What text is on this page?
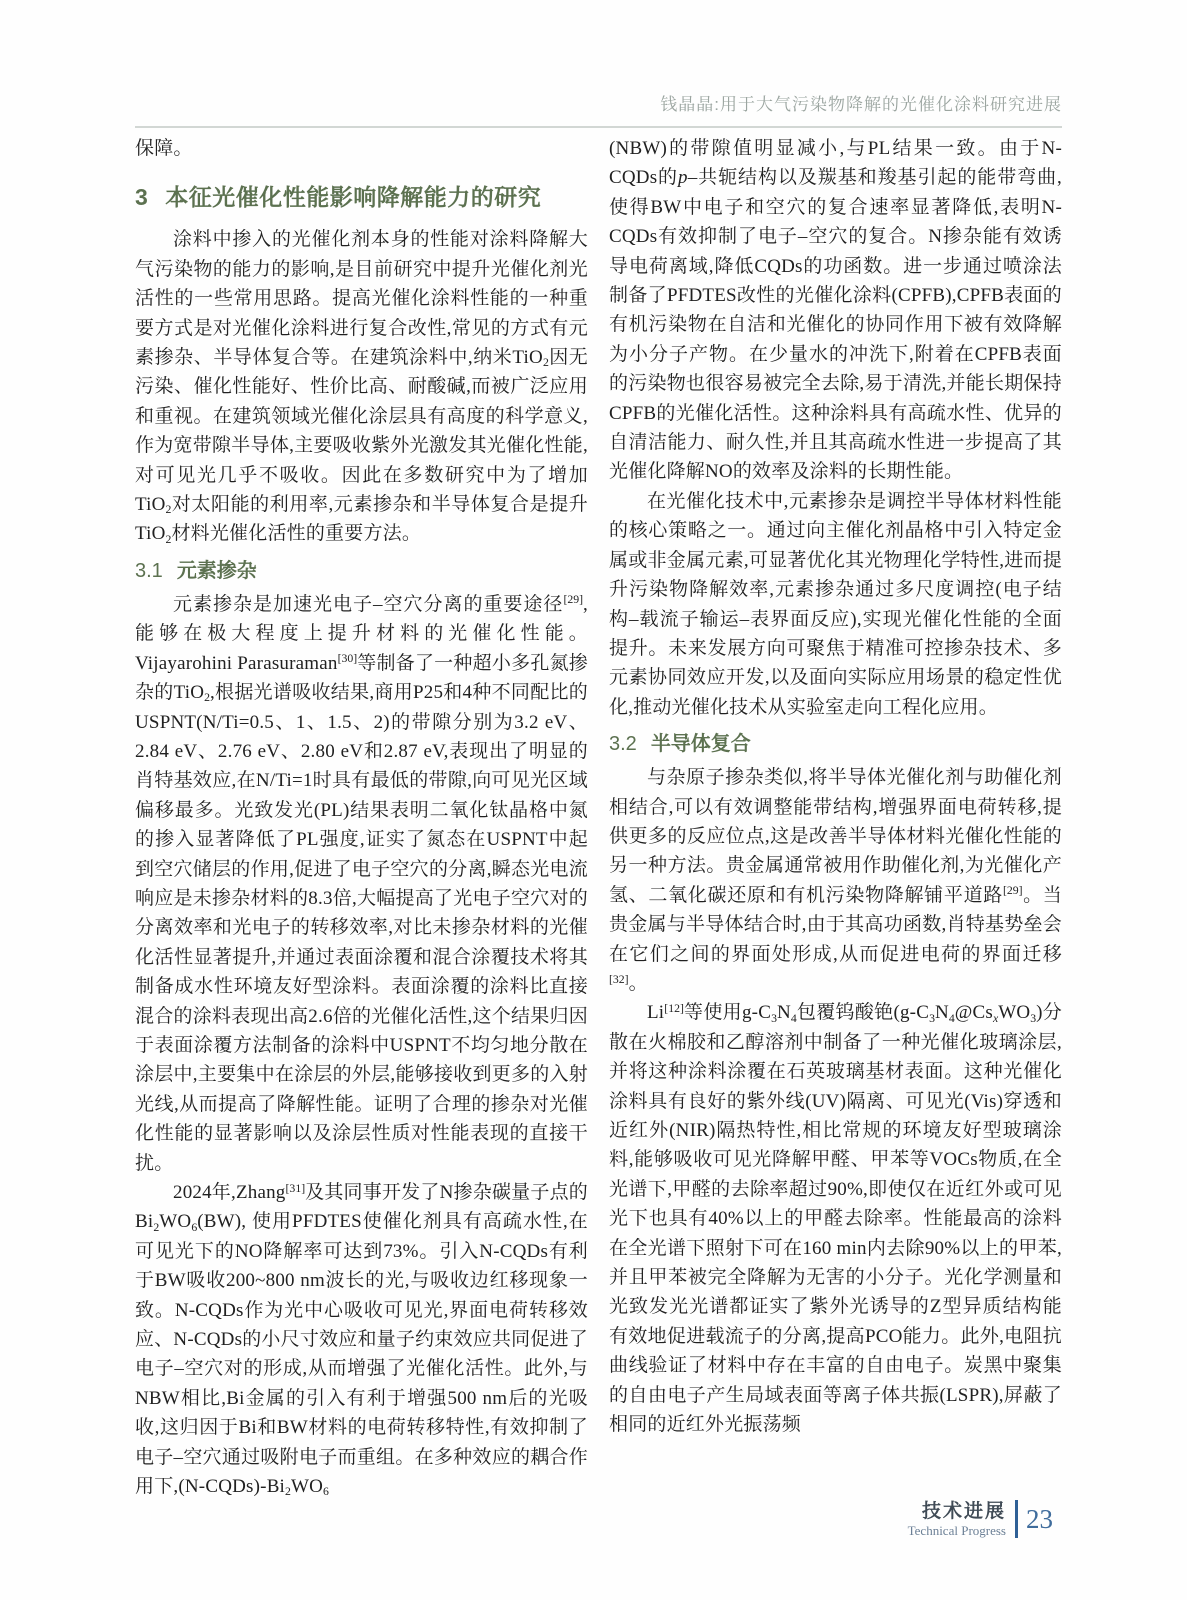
钱晶晶:用于大气污染物降解的光催化涂料研究进展

保障。

3 本征光催化性能影响降解能力的研究

涂料中掺入的光催化剂本身的性能对涂料降解大气污染物的能力的影响,是目前研究中提升光催化剂光活性的一些常用思路。提高光催化涂料性能的一种重要方式是对光催化涂料进行复合改性,常见的方式有元素掺杂、半导体复合等。在建筑涂料中,纳米TiO$_2$因无污染、催化性能好、性价比高、耐酸碱,而被广泛应用和重视。在建筑领域光催化涂层具有高度的科学意义,作为宽带隙半导体,主要吸收紫外光激发其光催化性能,对可见光几乎不吸收。因此在多数研究中为了增加TiO$_2$对太阳能的利用率,元素掺杂和半导体复合是提升TiO$_2$材料光催化活性的重要方法。

3.1 元素掺杂

元素掺杂是加速光电子–空穴分离的重要途径[29],能够在极大程度上提升材料的光催化性能。Vijayarohini Parasuraman[30]等制备了一种超小多孔氮掺杂的TiO$_2$,根据光谱吸收结果,商用P25和4种不同配比的USPNT(N/Ti=0.5、1、1.5、2)的带隙分别为3.2 eV、2.84 eV、2.76 eV、2.80 eV和2.87 eV,表现出了明显的肖特基效应,在N/Ti=1时具有最低的带隙,向可见光区域偏移最多。光致发光(PL)结果表明二氧化钛晶格中氮的掺入显著降低了PL强度,证实了氮态在USPNT中起到空穴储层的作用,促进了电子空穴的分离,瞬态光电流响应是未掺杂材料的8.3倍,大幅提高了光电子空穴对的分离效率和光电子的转移效率,对比未掺杂材料的光催化活性显著提升,并通过表面涂覆和混合涂覆技术将其制备成水性环境友好型涂料。表面涂覆的涂料比直接混合的涂料表现出高2.6倍的光催化活性,这个结果归因于表面涂覆方法制备的涂料中USPNT不均匀地分散在涂层中,主要集中在涂层的外层,能够接收到更多的入射光线,从而提高了降解性能。证明了合理的掺杂对光催化性能的显著影响以及涂层性质对性能表现的直接干扰。

2024年,Zhang[31]及其同事开发了N掺杂碳量子点的$Bi_2WO_6(BW)$, 使用PFDTES使催化剂具有高疏水性,在可见光下的NO降解率可达到73%。引入N-CQDs有利于BW吸收200~800 nm波长的光,与吸收边红移现象一致。N-CQDs作为光中心吸收可见光,界面电荷转移效应、N-CQDs的小尺寸效应和量子约束效应共同促进了电子–空穴对的形成,从而增强了光催化活性。此外,与NBW相比,Bi金属的引入有利于增强500 nm后的光吸收,这归因于Bi和BW材料的电荷转移特性,有效抑制了电子–空穴通过吸附电子而重组。在多种效应的耦合作用下$,(N-CQDs)-Bi_2WO_6$

(NBW)的带隙值明显减小,与PL结果一致。由于N-CQDs的p–共轭结构以及羰基和羧基引起的能带弯曲,使得BW中电子和空穴的复合速率显著降低,表明N-CQDs有效抑制了电子–空穴的复合。N掺杂能有效诱导电荷离域,降低CQDs的功函数。进一步通过喷涂法制备了PFDTES改性的光催化涂料(CPFB),CPFB表面的有机污染物在自洁和光催化的协同作用下被有效降解为小分子产物。在少量水的冲洗下,附着在CPFB表面的污染物也很容易被完全去除,易于清洗,并能长期保持CPFB的光催化活性。这种涂料具有高疏水性、优异的自清洁能力、耐久性,并且其高疏水性进一步提高了其光催化降解NO的效率及涂料的长期性能。

在光催化技术中,元素掺杂是调控半导体材料性能的核心策略之一。通过向主催化剂晶格中引入特定金属或非金属元素,可显著优化其光物理化学特性,进而提升污染物降解效率,元素掺杂通过多尺度调控(电子结构–载流子输运–表界面反应),实现光催化性能的全面提升。未来发展方向可聚焦于精准可控掺杂技术、多元素协同效应开发,以及面向实际应用场景的稳定性优化,推动光催化技术从实验室走向工程化应用。

3.2 半导体复合

与杂原子掺杂类似,将半导体光催化剂与助催化剂相结合,可以有效调整能带结构,增强界面电荷转移,提供更多的反应位点,这是改善半导体材料光催化性能的另一种方法。贵金属通常被用作助催化剂,为光催化产氢、二氧化碳还原和有机污染物降解铺平道路[29]。当贵金属与半导体结合时,由于其高功函数,肖特基势垒会在它们之间的界面处形成,从而促进电荷的界面迁移[32]。

Li[12]等使用$g-C_3N_4$包覆钨酸铯$(g-C_3N_4@Cs_xWO_3)$分散在火棉胶和乙醇溶剂中制备了一种光催化玻璃涂层,并将这种涂料涂覆在石英玻璃基材表面。这种光催化涂料具有良好的紫外线(UV)隔离、可见光(Vis)穿透和近红外(NIR)隔热特性,相比常规的环境友好型玻璃涂料,能够吸收可见光降解甲醛、甲苯等VOCs物质,在全光谱下,甲醛的去除率超过90%,即使仅在近红外或可见光下也具有40%以上的甲醛去除率。性能最高的涂料在全光谱下照射下可在160 min内去除90%以上的甲苯,并且甲苯被完全降解为无害的小分子。光化学测量和光致发光光谱都证实了紫外光诱导的Z型异质结构能有效地促进载流子的分离,提高PCO能力。此外,电阻抗曲线验证了材料中存在丰富的自由电子。炭黑中聚集的自由电子产生局域表面等离子体共振(LSPR),屏蔽了相同的近红外光振荡频

技术进展
Technical Progress 23
